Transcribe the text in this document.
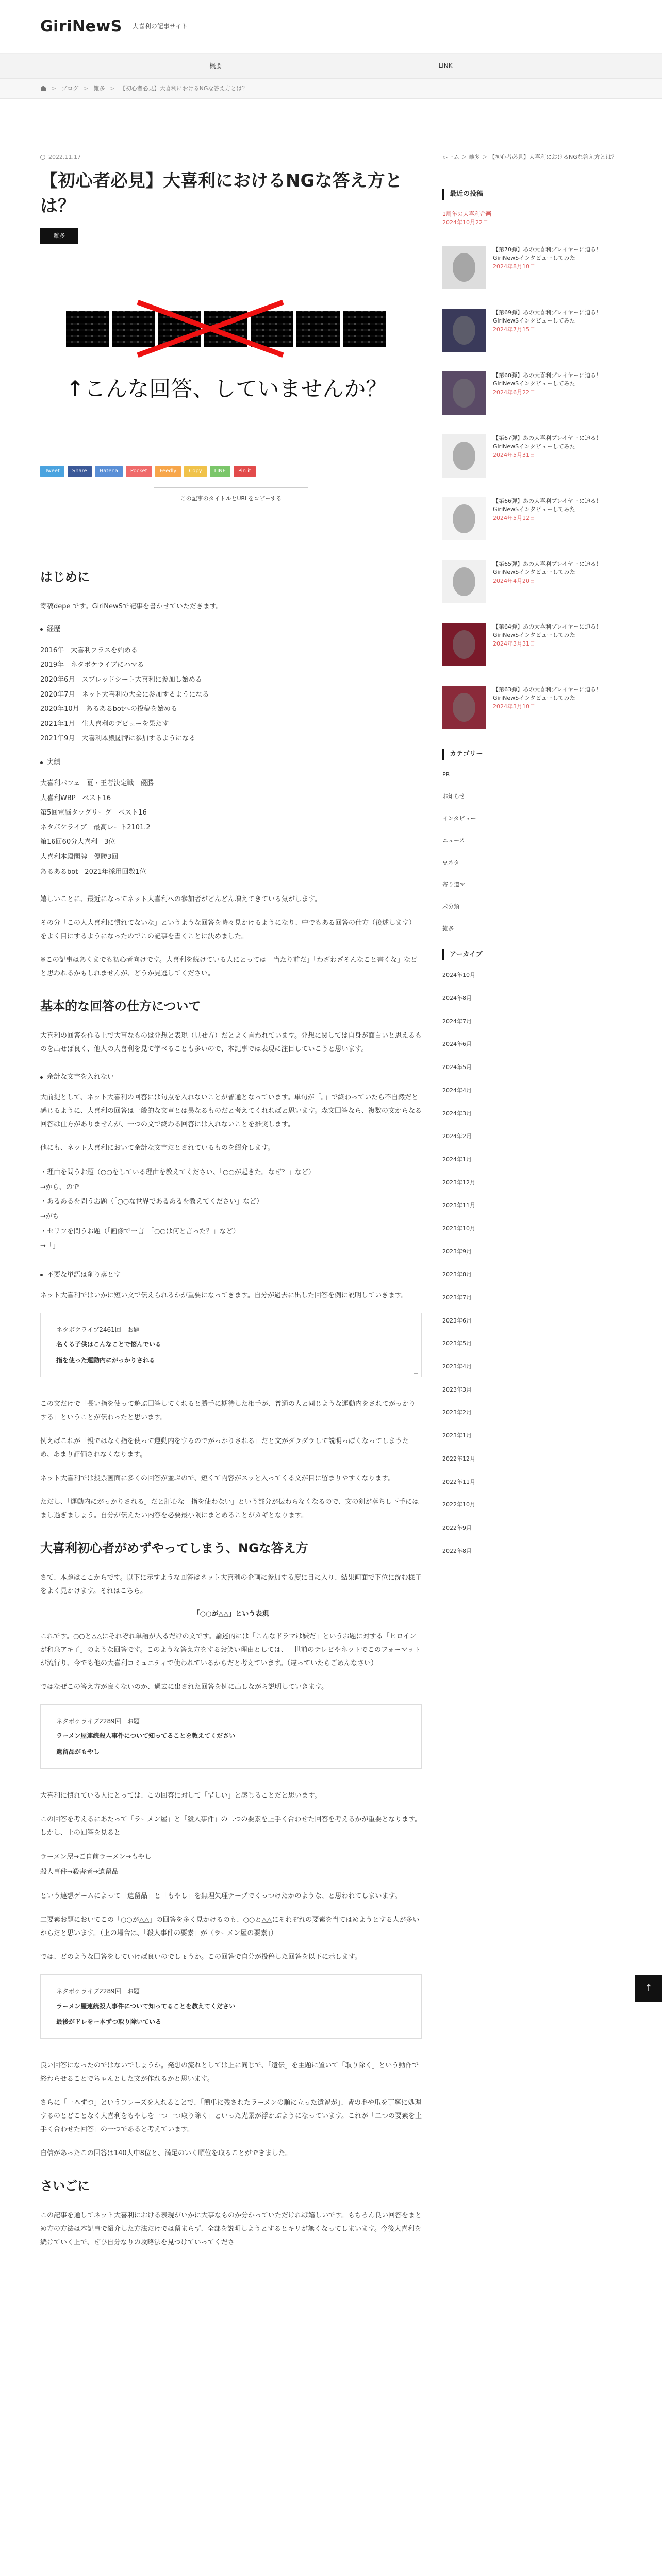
GiriNewS 大喜利の記事サイト
概要	LINK
> ブログ > 雑多 > 【初心者必見】大喜利におけるNGな答え方とは？
2022.11.17
【初心者必見】大喜利におけるNGな答え方とは？
雑多
↑こんな回答、していませんか？
Tweet	Share	Hatena	Pocket	Feedly	Copy	LINE	Pin it
この記事のタイトルとURLをコピーする
はじめに

寄稿depe です。GiriNewSで記事を書かせていただきます。

経歴
2016年　大喜利プラスを始める
2019年　ネタボケライブにハマる
2020年6月　スプレッドシート大喜利に参加し始める
2020年7月　ネット大喜利の大会に参加するようになる
2020年10月　あるあるbotへの投稿を始める
2021年1月　生大喜利のデビューを果たす
2021年9月　大喜利本殿閣牌に参加するようになる
実績
大喜利パフェ　夏・王者決定戦　優勝
大喜利WBP　ベスト16
第5回電脳タッグリーグ　ベスト16
ネタボケライブ　最高レート2101.2
第16回60分大喜利　3位
大喜利本殿閣牌　優勝3回
あるあるbot　2021年採用回数1位

嬉しいことに、最近になってネット大喜利への参加者がどんどん増えてきている気がします。

その分「この人大喜利に慣れてないな」というような回答を時々見かけるようになり、中でもある回答の仕方（後述します）をよく目にするようになったのでこの記事を書くことに決めました。

※この記事はあくまでも初心者向けです。大喜利を続けている人にとっては「当たり前だ」「わざわざそんなこと書くな」などと思われるかもしれませんが、どうか見逃してください。

基本的な回答の仕方について

大喜利の回答を作る上で大事なものは発想と表現（見せ方）だとよく言われています。発想に関しては自身が面白いと思えるものを出せば良く、他人の大喜利を見て学べることも多いので、本記事では表現に注目していこうと思います。

余計な文字を入れない

大前提として、ネット大喜利の回答には句点を入れないことが普通となっています。単句が「。」で終わっていたら不自然だと感じるように、大喜利の回答は一般的な文章とは異なるものだと考えてくれればと思います。森文回答なら、複数の文からなる回答は仕方がありませんが、一つの文で終わる回答には入れないことを推奨します。

他にも、ネット大喜利において余計な文字だとされているものを紹介します。

・理由を問うお題（○○をしている理由を教えてください、「○○が起きた。なぜ？」など）
→から、ので
・あるあるを問うお題（「○○な世界であるあるを教えてください」など）
→がち
・セリフを問うお題（「画像で一言」「○○は何と言った？」など）
→「」
不要な単語は削り落とす

ネット大喜利ではいかに短い文で伝えられるかが重要になってきます。自分が過去に出した回答を例に説明していきます。

ネタボケライブ2461回　お題
名くる子供はこんなことで悩んでいる
指を使った運動内にがっかりされる

この文だけで「長い指を使って遊ぶ回答してくれると勝手に期待した相手が、普通の人と同じような運動内をされてがっかりする」ということが伝わったと思います。

例えばこれが「親ではなく指を使って運動内をするのでがっかりされる」だと文がダラダラして説明っぽくなってしまうため、あまり評価されなくなります。

ネット大喜利では投票画面に多くの回答が並ぶので、短くて内容がスッと入ってくる文が目に留まりやすくなります。

ただし、「運動内にがっかりされる」だと肝心な「指を使わない」という部分が伝わらなくなるので、文の剣が落ちし下手にはまし過ぎましょう。自分が伝えたい内容を必要最小限にまとめることがカギとなります。

大喜利初心者がめずやってしまう、NGな答え方

さて、本題はここからです。以下に示すような回答はネット大喜利の企画に参加する度に目に入り、結果画面で下位に沈む様子をよく見かけます。それはこちら。

「○○が△△」という表現

これです。○○と△△にそれぞれ単語が入るだけの文です。論述的には「こんなドラマは嫌だ」というお題に対する「ヒロインが和泉アキ子」のような回答です。このような答え方をするお笑い理由としては、一世前のテレビやネットでこのフォーマットが流行り、今でも他の大喜利コミュニティで使われているからだと考えています。（違っていたらごめんなさい）

ではなぜこの答え方が良くないのか、過去に出された回答を例に出しながら説明していきます。

ネタボケライブ2289回　お題
ラーメン屋連続殺人事件について知ってることを教えてください
遺留品がもやし

大喜利に慣れている人にとっては、この回答に対して「惜しい」と感じることだと思います。

この回答を考えるにあたって「ラーメン屋」と「殺人事件」の二つの要素を上手く合わせた回答を考えるかが重要となります。しかし、上の回答を見ると

ラーメン屋→ご自前ラーメン→もやし
殺人事件→殺害者→遺留品

という連想ゲームによって「遺留品」と「もやし」を無理矢理テープでくっつけたかのような、と思われてしまいます。

二要素お題においてこの「○○が△△」の回答を多く見かけるのも、○○と△△にそれぞれの要素を当てはめようとする人が多いからだと思います。（上の場合は、「殺人事件の要素」が（ラーメン屋の要素」）

では、どのような回答をしていけば良いのでしょうか。この回答で自分が投稿した回答を以下に示します。

ネタボケライブ2289回　お題
ラーメン屋連続殺人事件について知ってることを教えてください
最後がドレをー本ずつ取り除いている

良い回答になったのではないでしょうか。発想の流れとしては上に同じで、「遺伝」を主題に置いて「取り除く」という動作で終わらせることでちゃんとした文が作れるかと思います。

さらに「一本ずつ」というフレーズを入れることで、「簡単に残されたラーメンの順に立った遺留が」、皆の毛や爪を丁寧に処理するのとどことなく大喜利をもやしを一つ一つ取り除く」といった光景が浮かぶようになっています。これが「二つの要素を上手く合わせた回答」の一つであると考えています。

自信があったこの回答は140人中8位と、満足のいく順位を取ることができました。

さいごに

この記事を通してネット大喜利における表現がいかに大事なものか分かっていただければ嬉しいです。もちろん良い回答をまとめ方の方法は本記事で紹介した方法だけでは留まらず、全部を説明しようとするとキリが無くなってしまいます。今後大喜利を続けていく上で、ぜひ自分なりの攻略法を見つけていってくださ

ホーム ＞ 雑多 ＞ 【初心者必見】大喜利におけるNGな答え方とは？
最近の投稿
1周年の大喜利企画
2024年10月22日
【第70弾】あの大喜利プレイヤーに迫る！GiriNewSインタビューしてみた
2024年8月10日
【第69弾】あの大喜利プレイヤーに迫る！GiriNewSインタビューしてみた
2024年7月15日
【第68弾】あの大喜利プレイヤーに迫る！GiriNewSインタビューしてみた
2024年6月22日
【第67弾】あの大喜利プレイヤーに迫る！GiriNewSインタビューしてみた
2024年5月31日
【第66弾】あの大喜利プレイヤーに迫る！GiriNewSインタビューしてみた
2024年5月12日
【第65弾】あの大喜利プレイヤーに迫る！GiriNewSインタビューしてみた
2024年4月20日
【第64弾】あの大喜利プレイヤーに迫る！GiriNewSインタビューしてみた
2024年3月31日
【第63弾】あの大喜利プレイヤーに迫る！GiriNewSインタビューしてみた
2024年3月10日
カテゴリー
PR
お知らせ
インタビュー
ニュース
豆ネタ
寄り道マ
未分類
雑多
アーカイブ
2024年10月
2024年8月
2024年7月
2024年6月
2024年5月
2024年4月
2024年3月
2024年2月
2024年1月
2023年12月
2023年11月
2023年10月
2023年9月
2023年8月
2023年7月
2023年6月
2023年5月
2023年4月
2023年3月
2023年2月
2023年1月
2022年12月
2022年11月
2022年10月
2022年9月
2022年8月
↑
